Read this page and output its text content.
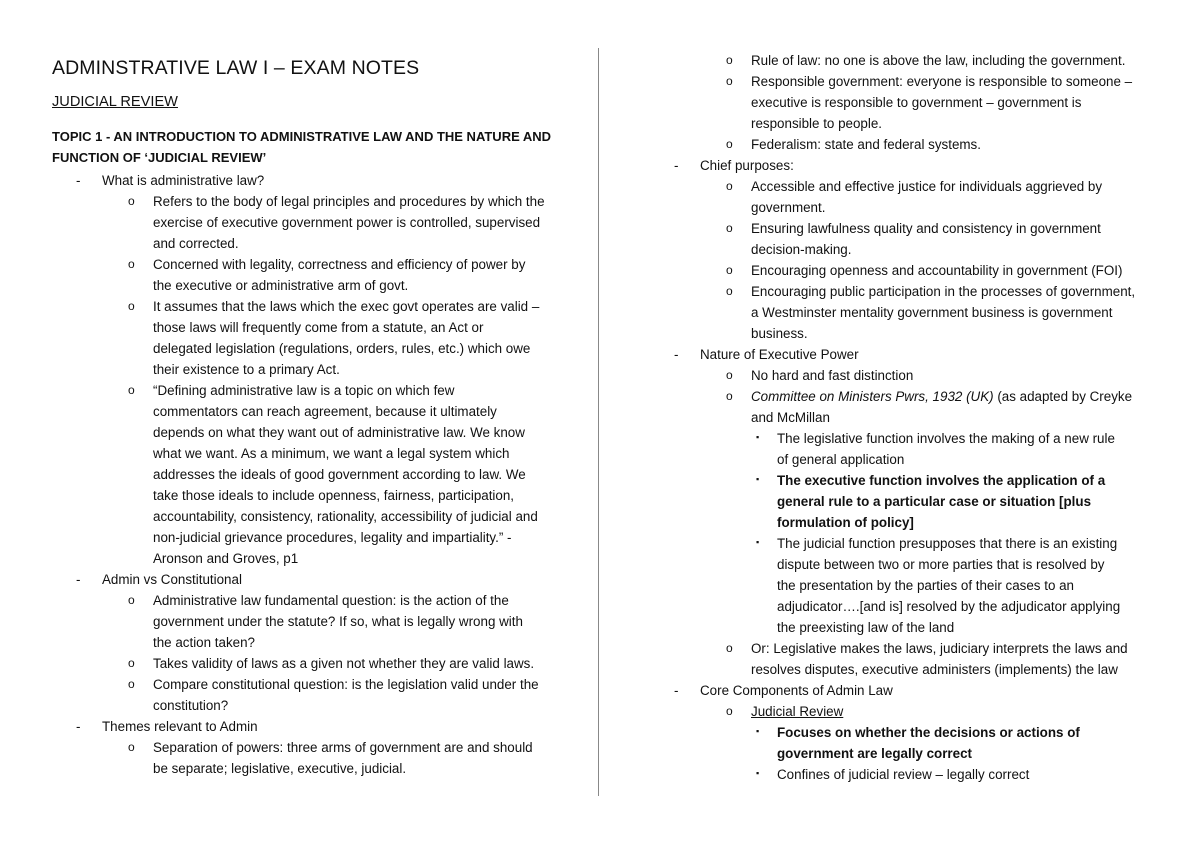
ADMINSTRATIVE LAW I – EXAM NOTES
JUDICIAL REVIEW
TOPIC 1 - AN INTRODUCTION TO ADMINISTRATIVE LAW AND THE NATURE AND
FUNCTION OF ‘JUDICIAL REVIEW’
- What is administrative law?
o Refers to the body of legal principles and procedures by which the
exercise of executive government power is controlled, supervised
and corrected.
o Concerned with legality, correctness and efficiency of power by
the executive or administrative arm of govt.
o It assumes that the laws which the exec govt operates are valid –
those laws will frequently come from a statute, an Act or
delegated legislation (regulations, orders, rules, etc.) which owe
their existence to a primary Act.
o “Defining administrative law is a topic on which few
commentators can reach agreement, because it ultimately
depends on what they want out of administrative law. We know
what we want. As a minimum, we want a legal system which
addresses the ideals of good government according to law. We
take those ideals to include openness, fairness, participation,
accountability, consistency, rationality, accessibility of judicial and
non-judicial grievance procedures, legality and impartiality.” -
Aronson and Groves, p1
- Admin vs Constitutional
o Administrative law fundamental question: is the action of the
government under the statute? If so, what is legally wrong with
the action taken?
o Takes validity of laws as a given not whether they are valid laws.
o Compare constitutional question: is the legislation valid under the
constitution?
- Themes relevant to Admin
o Separation of powers: three arms of government are and should
be separate; legislative, executive, judicial.
o Rule of law: no one is above the law, including the government.
o Responsible government: everyone is responsible to someone –
executive is responsible to government – government is
responsible to people.
o Federalism: state and federal systems.
- Chief purposes:
o Accessible and effective justice for individuals aggrieved by
government.
o Ensuring lawfulness quality and consistency in government
decision-making.
o Encouraging openness and accountability in government (FOI)
o Encouraging public participation in the processes of government,
a Westminster mentality government business is government
business.
- Nature of Executive Power
o No hard and fast distinction
o Committee on Ministers Pwrs, 1932 (UK) (as adapted by Creyke
and McMillan
▪ The legislative function involves the making of a new rule
of general application
▪ The executive function involves the application of a
general rule to a particular case or situation [plus
formulation of policy]
▪ The judicial function presupposes that there is an existing
dispute between two or more parties that is resolved by
the presentation by the parties of their cases to an
adjudicator….[and is] resolved by the adjudicator applying
the preexisting law of the land
o Or: Legislative makes the laws, judiciary interprets the laws and
resolves disputes, executive administers (implements) the law
- Core Components of Admin Law
o Judicial Review
▪ Focuses on whether the decisions or actions of
government are legally correct
▪ Confines of judicial review – legally correct
